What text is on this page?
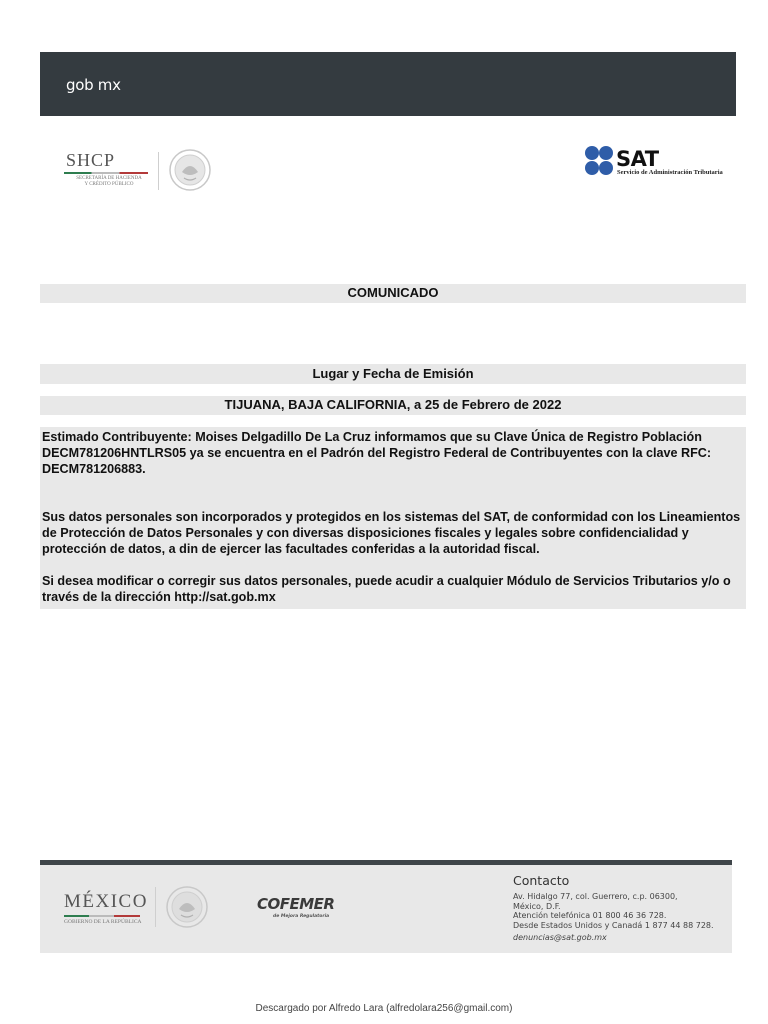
gob mx
SHCP
SECRETARÍA DE HACIENDA
Y CRÉDITO PÚBLICO
SAT
Servicio de Administración Tributaria
COMUNICADO
Lugar y Fecha de Emisión
TIJUANA, BAJA CALIFORNIA, a 25 de Febrero de 2022

Estimado Contribuyente: Moises Delgadillo De La Cruz informamos que su Clave Única de Registro Población DECM781206HNTLRS05 ya se encuentra en el Padrón del Registro Federal de Contribuyentes con la clave RFC: DECM781206883.

Sus datos personales son incorporados y protegidos en los sistemas del SAT, de conformidad con los Lineamientos de Protección de Datos Personales y con diversas disposiciones fiscales y legales sobre confidencialidad y protección de datos, a din de ejercer las facultades conferidas a la autoridad fiscal.

Si desea modificar o corregir sus datos personales, puede acudir a cualquier Módulo de Servicios Tributarios y/o o través de la dirección http://sat.gob.mx

MÉXICO
GOBIERNO DE LA REPÚBLICA
COFEMER
de Mejora Regulatoria
Contacto
Av. Hidalgo 77, col. Guerrero, c.p. 06300,
México, D.F.
Atención telefónica 01 800 46 36 728.
Desde Estados Unidos y Canadá 1 877 44 88 728.
denuncias@sat.gob.mx
Descargado por Alfredo Lara (alfredolara256@gmail.com)
